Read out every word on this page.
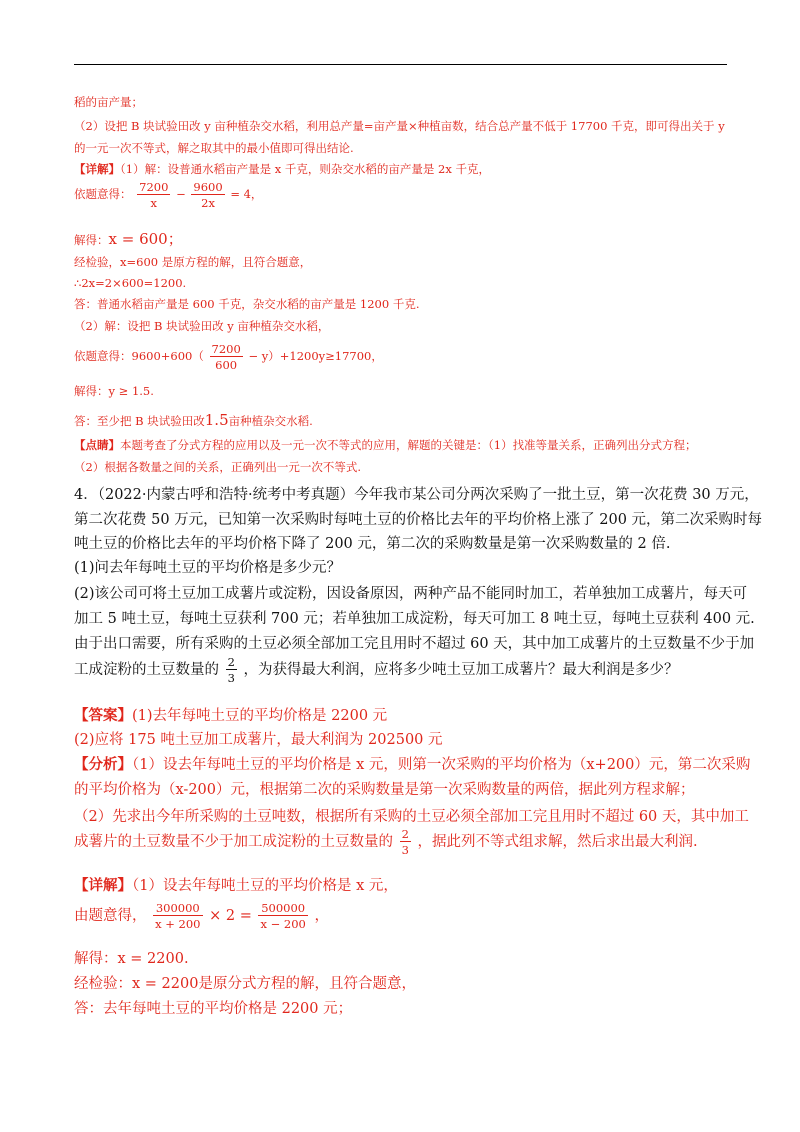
稻的亩产量；
（2）设把 B 块试验田改 y 亩种植杂交水稻，利用总产量=亩产量×种植亩数，结合总产量不低于 17700 千克，即可得出关于 y
的一元一次不等式，解之取其中的最小值即可得出结论.
【详解】（1）解：设普通水稻亩产量是 x 千克，则杂交水稻的亩产量是 2x 千克，
依题意得： $\frac{7200}{x} - \frac{9600}{2x} = 4$，
解得：x = 600；
经检验，x=600 是原方程的解，且符合题意，
∴2x=2×600=1200.
答：普通水稻亩产量是 600 千克，杂交水稻的亩产量是 1200 千克.
（2）解：设把 B 块试验田改 y 亩种植杂交水稻，
依题意得：$9600+600( \frac{7200}{600} - y)+1200y\ge 17700$，
解得：y ≥ 1.5.
答：至少把 B 块试验田改1.5亩种植杂交水稻.
【点睛】本题考查了分式方程的应用以及一元一次不等式的应用，解题的关键是：（1）找准等量关系，正确列出分式方程；
（2）根据各数量之间的关系，正确列出一元一次不等式.
4．（2022·内蒙古呼和浩特·统考中考真题）今年我市某公司分两次采购了一批土豆，第一次花费 30 万元，
第二次花费 50 万元，已知第一次采购时每吨土豆的价格比去年的平均价格上涨了 200 元，第二次采购时每
吨土豆的价格比去年的平均价格下降了 200 元，第二次的采购数量是第一次采购数量的 2 倍.
(1)问去年每吨土豆的平均价格是多少元？
(2)该公司可将土豆加工成薯片或淀粉，因设备原因，两种产品不能同时加工，若单独加工成薯片，每天可
加工 5 吨土豆，每吨土豆获利 700 元；若单独加工成淀粉，每天可加工 8 吨土豆，每吨土豆获利 400 元.
由于出口需要，所有采购的土豆必须全部加工完且用时不超过 60 天，其中加工成薯片的土豆数量不少于加
工成淀粉的土豆数量的 $\frac{2}{3}$ ，为获得最大利润，应将多少吨土豆加工成薯片？最大利润是多少？
【答案】(1)去年每吨土豆的平均价格是 2200 元
(2)应将 175 吨土豆加工成薯片，最大利润为 202500 元
【分析】（1）设去年每吨土豆的平均价格是 x 元，则第一次采购的平均价格为（x+200）元，第二次采购
的平均价格为（x-200）元，根据第二次的采购数量是第一次采购数量的两倍，据此列方程求解；
（2）先求出今年所采购的土豆吨数，根据所有采购的土豆必须全部加工完且用时不超过 60 天，其中加工
成薯片的土豆数量不少于加工成淀粉的土豆数量的 $\frac{2}{3}$ ，据此列不等式组求解，然后求出最大利润.
【详解】（1）设去年每吨土豆的平均价格是 x 元，
由题意得， $\frac{300000}{x + 200} \times 2 = \frac{500000}{x - 200}$ ，
解得：x = 2200.
经检验：x = 2200是原分式方程的解，且符合题意，
答：去年每吨土豆的平均价格是 2200 元；
